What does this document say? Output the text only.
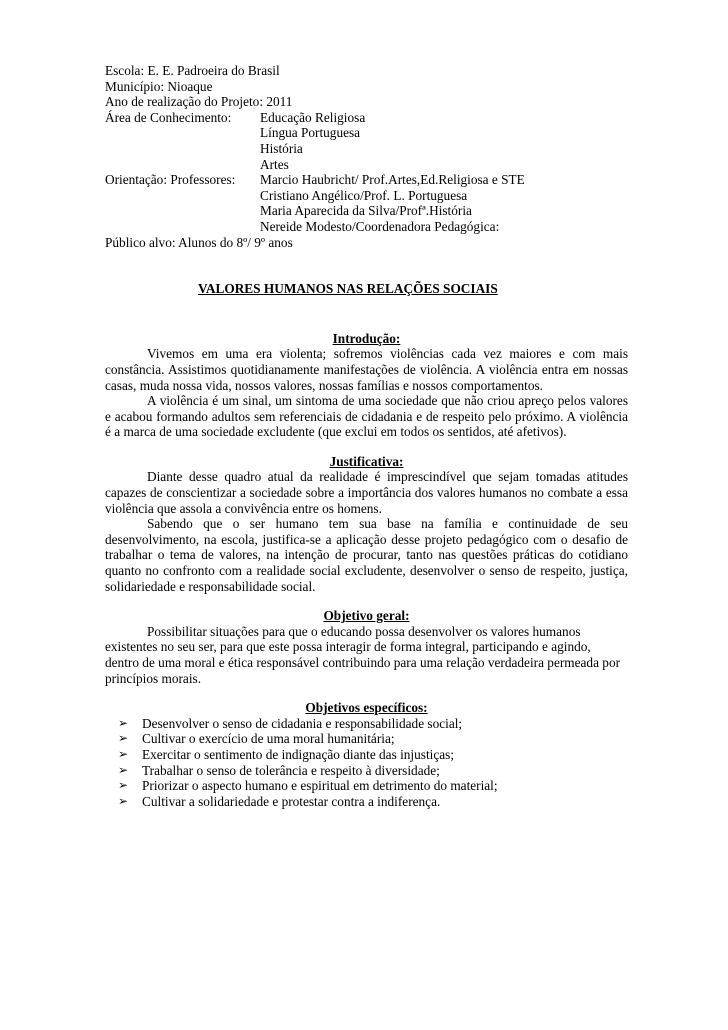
Escola: E. E. Padroeira do Brasil
Município: Nioaque
Ano de realização do Projeto: 2011
Área de Conhecimento:	Educação Religiosa
Língua Portuguesa
História
Artes
Orientação: Professores:	Marcio Haubricht/ Prof.Artes,Ed.Religiosa e STE
Cristiano Angélico/Prof. L. Portuguesa
Maria Aparecida da Silva/Profª.História
Nereide Modesto/Coordenadora Pedagógica:
Público alvo: Alunos do 8º/ 9º anos
VALORES HUMANOS NAS RELAÇÕES SOCIAIS
Introdução:

Vivemos em uma era violenta; sofremos violências cada vez maiores e com mais constância. Assistimos quotidianamente manifestações de violência. A violência entra em nossas casas, muda nossa vida, nossos valores, nossas famílias e nossos comportamentos.

A violência é um sinal, um sintoma de uma sociedade que não criou apreço pelos valores e acabou formando adultos sem referenciais de cidadania e de respeito pelo próximo. A violência é a marca de uma sociedade excludente (que exclui em todos os sentidos, até afetivos).

Justificativa:

Diante desse quadro atual da realidade é imprescindível que sejam tomadas atitudes capazes de conscientizar a sociedade sobre a importância dos valores humanos no combate a essa violência que assola a convivência entre os homens.

Sabendo que o ser humano tem sua base na família e continuidade de seu desenvolvimento, na escola, justifica-se a aplicação desse projeto pedagógico com o desafio de trabalhar o tema de valores, na intenção de procurar, tanto nas questões práticas do cotidiano quanto no confronto com a realidade social excludente, desenvolver o senso de respeito, justiça, solidariedade e responsabilidade social.

Objetivo geral:

Possibilitar situações para que o educando possa desenvolver os valores humanos existentes no seu ser, para que este possa interagir de forma integral, participando e agindo, dentro de uma moral e ética responsável contribuindo para uma relação verdadeira permeada por princípios morais.

Objetivos específicos:
➢	Desenvolver o senso de cidadania e responsabilidade social;
➢	Cultivar o exercício de uma moral humanitária;
➢	Exercitar o sentimento de indignação diante das injustiças;
➢	Trabalhar o senso de tolerância e respeito à diversidade;
➢	Priorizar o aspecto humano e espiritual em detrimento do material;
➢	Cultivar a solidariedade e protestar contra a indiferença.
